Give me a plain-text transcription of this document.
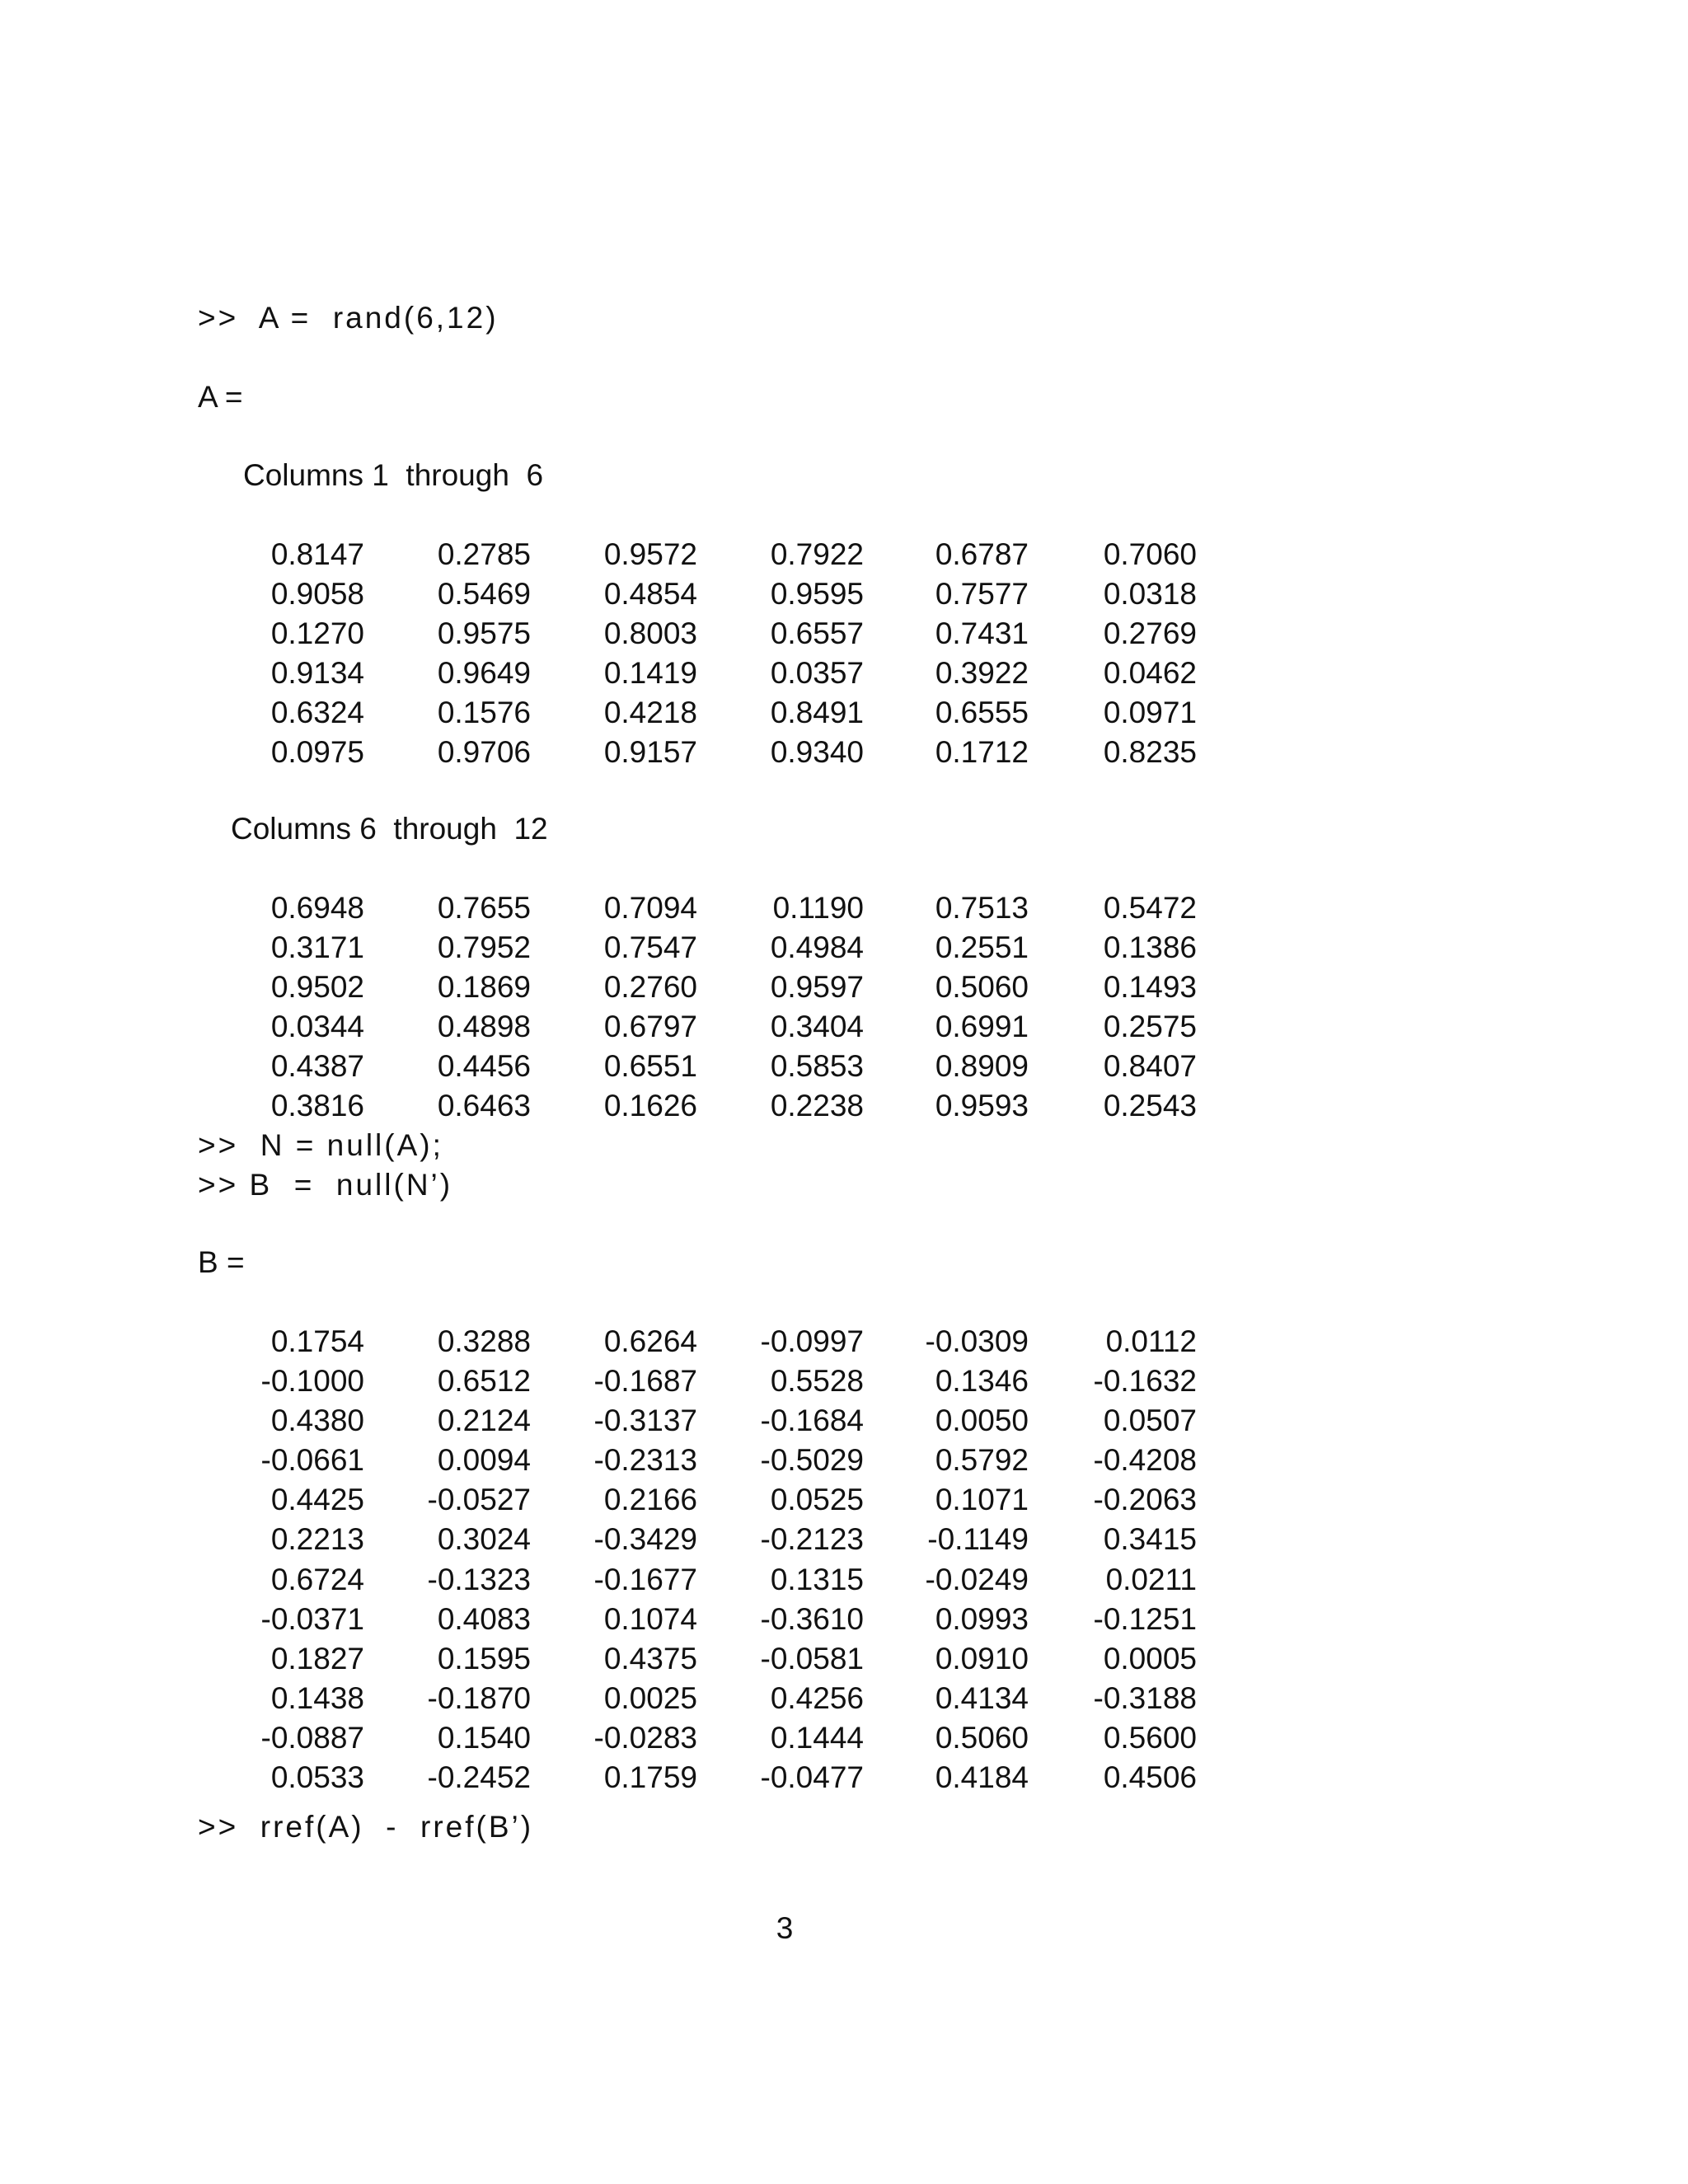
>>  A =  rand(6,12)
A =
Columns 1  through  6
0.8147	0.2785	0.9572	0.7922	0.6787	0.7060
0.9058	0.5469	0.4854	0.9595	0.7577	0.0318
0.1270	0.9575	0.8003	0.6557	0.7431	0.2769
0.9134	0.9649	0.1419	0.0357	0.3922	0.0462
0.6324	0.1576	0.4218	0.8491	0.6555	0.0971
0.0975	0.9706	0.9157	0.9340	0.1712	0.8235
Columns 6  through  12
0.6948	0.7655	0.7094	0.1190	0.7513	0.5472
0.3171	0.7952	0.7547	0.4984	0.2551	0.1386
0.9502	0.1869	0.2760	0.9597	0.5060	0.1493
0.0344	0.4898	0.6797	0.3404	0.6991	0.2575
0.4387	0.4456	0.6551	0.5853	0.8909	0.8407
0.3816	0.6463	0.1626	0.2238	0.9593	0.2543
>>  N = null(A);
>> B  =  null(N’)
B =
0.1754	0.3288	0.6264	-0.0997	-0.0309	0.0112
-0.1000	0.6512	-0.1687	0.5528	0.1346	-0.1632
0.4380	0.2124	-0.3137	-0.1684	0.0050	0.0507
-0.0661	0.0094	-0.2313	-0.5029	0.5792	-0.4208
0.4425	-0.0527	0.2166	0.0525	0.1071	-0.2063
0.2213	0.3024	-0.3429	-0.2123	-0.1149	0.3415
0.6724	-0.1323	-0.1677	0.1315	-0.0249	0.0211
-0.0371	0.4083	0.1074	-0.3610	0.0993	-0.1251
0.1827	0.1595	0.4375	-0.0581	0.0910	0.0005
0.1438	-0.1870	0.0025	0.4256	0.4134	-0.3188
-0.0887	0.1540	-0.0283	0.1444	0.5060	0.5600
0.0533	-0.2452	0.1759	-0.0477	0.4184	0.4506
>>  rref(A)  -  rref(B’)
3
